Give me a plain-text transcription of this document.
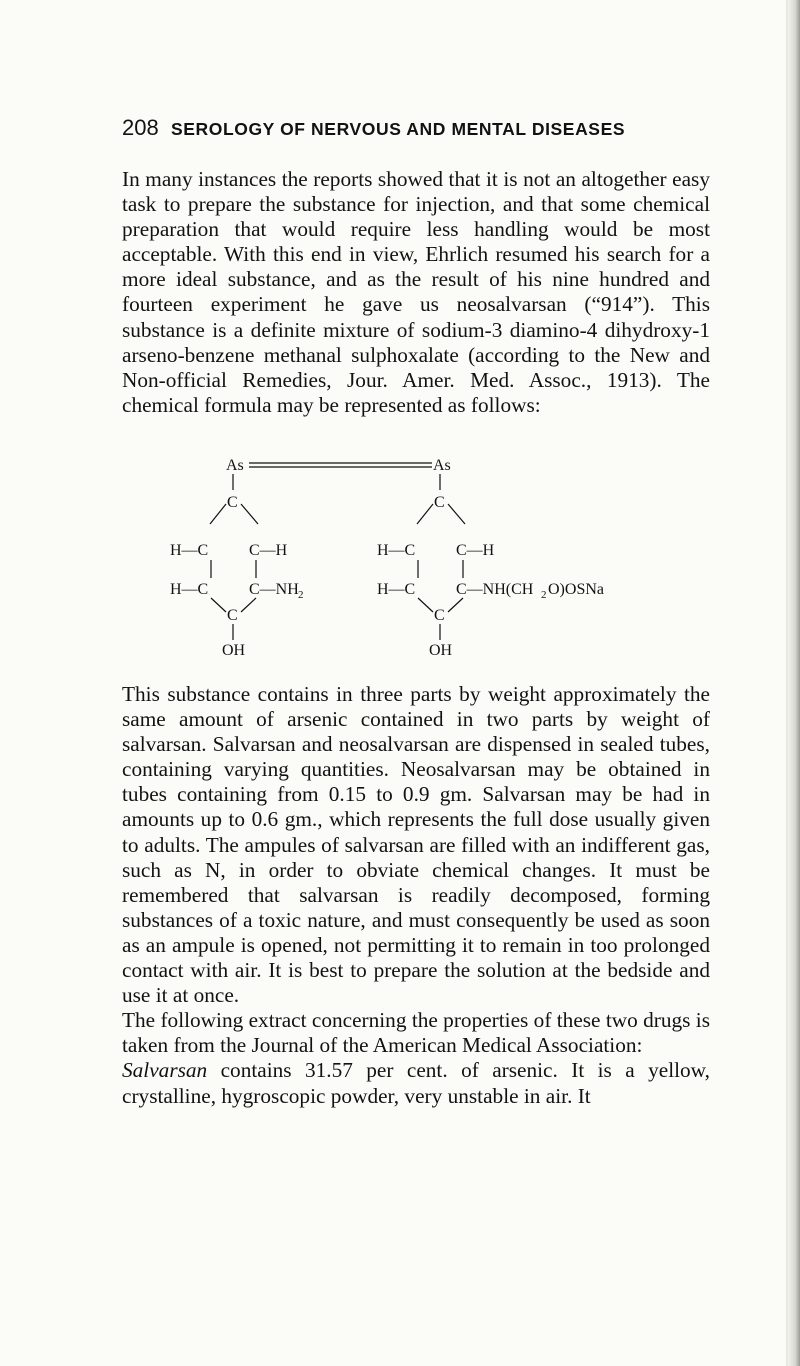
208 SEROLOGY OF NERVOUS AND MENTAL DISEASES

In many instances the reports showed that it is not an altogether easy task to prepare the substance for injection, and that some chemical preparation that would require less handling would be most acceptable. With this end in view, Ehrlich resumed his search for a more ideal substance, and as the result of his nine hundred and fourteen experiment he gave us neosalvarsan (“914”). This substance is a definite mixture of sodium-3 diamino-4 dihydroxy-1 arseno-benzene methanal sulphoxalate (according to the New and Non-official Remedies, Jour. Amer. Med. Assoc., 1913). The chemical formula may be represented as follows:

As	As
C	C
H—C	C—H	H—C	C—H
H—C	C—NH 2	H—C	C—NH(CH 2 O)OSNa
C	C
OH	OH

This substance contains in three parts by weight approximately the same amount of arsenic contained in two parts by weight of salvarsan. Salvarsan and neosalvarsan are dispensed in sealed tubes, containing varying quantities. Neosalvarsan may be obtained in tubes containing from 0.15 to 0.9 gm. Salvarsan may be had in amounts up to 0.6 gm., which represents the full dose usually given to adults. The ampules of salvarsan are filled with an indifferent gas, such as N, in order to obviate chemical changes. It must be remembered that salvarsan is readily decomposed, forming substances of a toxic nature, and must consequently be used as soon as an ampule is opened, not permitting it to remain in too prolonged contact with air. It is best to prepare the solution at the bedside and use it at once.

The following extract concerning the properties of these two drugs is taken from the Journal of the American Medical Association:

Salvarsan contains 31.57 per cent. of arsenic. It is a yellow, crystalline, hygroscopic powder, very unstable in air. It
